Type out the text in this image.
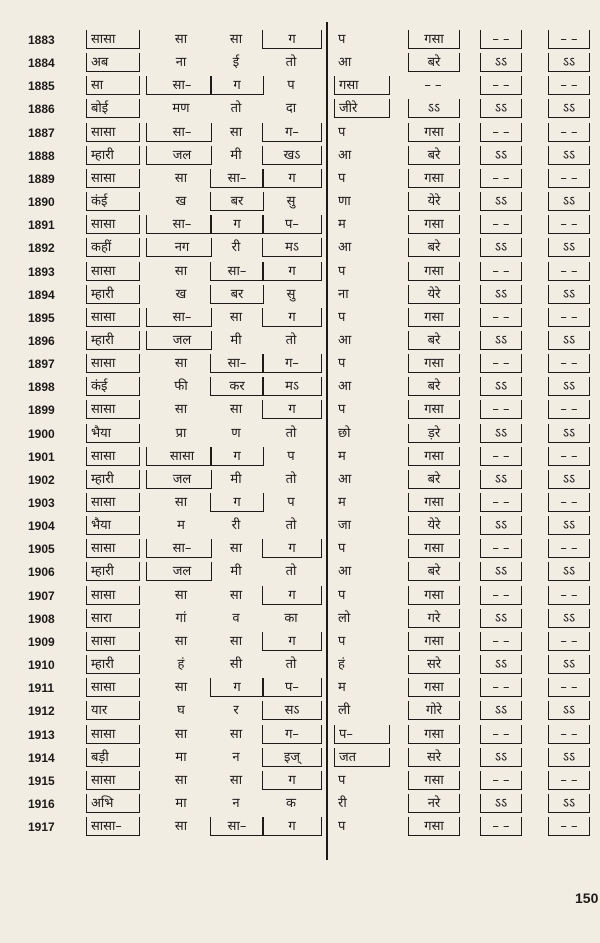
1883	सासा	सा	सा	ग	प	गसा	– –	– –
1884	अब	ना	ई	तो	आ	बरे	ऽऽ	ऽऽ
1885	सा	सा–	ग	प	गसा	– –	– –	– –
1886	बोई	मण	तो	दा	जीरे	ऽऽ	ऽऽ	ऽऽ
1887	सासा	सा–	सा	ग–	प	गसा	– –	– –
1888	म्हारी	जल	मी	खऽ	आ	बरे	ऽऽ	ऽऽ
1889	सासा	सा	सा–	ग	प	गसा	– –	– –
1890	कंई	ख	बर	सु	णा	येरे	ऽऽ	ऽऽ
1891	सासा	सा–	ग	प–	म	गसा	– –	– –
1892	कहीं	नग	री	मऽ	आ	बरे	ऽऽ	ऽऽ
1893	सासा	सा	सा–	ग	प	गसा	– –	– –
1894	म्हारी	ख	बर	सु	ना	येरे	ऽऽ	ऽऽ
1895	सासा	सा–	सा	ग	प	गसा	– –	– –
1896	म्हारी	जल	मी	तो	आ	बरे	ऽऽ	ऽऽ
1897	सासा	सा	सा–	ग–	प	गसा	– –	– –
1898	कंई	फी	कर	मऽ	आ	बरे	ऽऽ	ऽऽ
1899	सासा	सा	सा	ग	प	गसा	– –	– –
1900	भैया	प्रा	ण	तो	छो	ड़रे	ऽऽ	ऽऽ
1901	सासा	सासा	ग	प	म	गसा	– –	– –
1902	म्हारी	जल	मी	तो	आ	बरे	ऽऽ	ऽऽ
1903	सासा	सा	ग	प	म	गसा	– –	– –
1904	भैया	म	री	तो	जा	येरे	ऽऽ	ऽऽ
1905	सासा	सा–	सा	ग	प	गसा	– –	– –
1906	म्हारी	जल	मी	तो	आ	बरे	ऽऽ	ऽऽ
1907	सासा	सा	सा	ग	प	गसा	– –	– –
1908	सारा	गां	व	का	लो	गरे	ऽऽ	ऽऽ
1909	सासा	सा	सा	ग	प	गसा	– –	– –
1910	म्हारी	हं	सी	तो	हं	सरे	ऽऽ	ऽऽ
1911	सासा	सा	ग	प–	म	गसा	– –	– –
1912	यार	घ	र	सऽ	ली	गोरे	ऽऽ	ऽऽ
1913	सासा	सा	सा	ग–	प–	गसा	– –	– –
1914	बड़ी	मा	न	इज्	जत	सरे	ऽऽ	ऽऽ
1915	सासा	सा	सा	ग	प	गसा	– –	– –
1916	अभि	मा	न	क	री	नरे	ऽऽ	ऽऽ
1917	सासा–	सा	सा–	ग	प	गसा	– –	– –
150
